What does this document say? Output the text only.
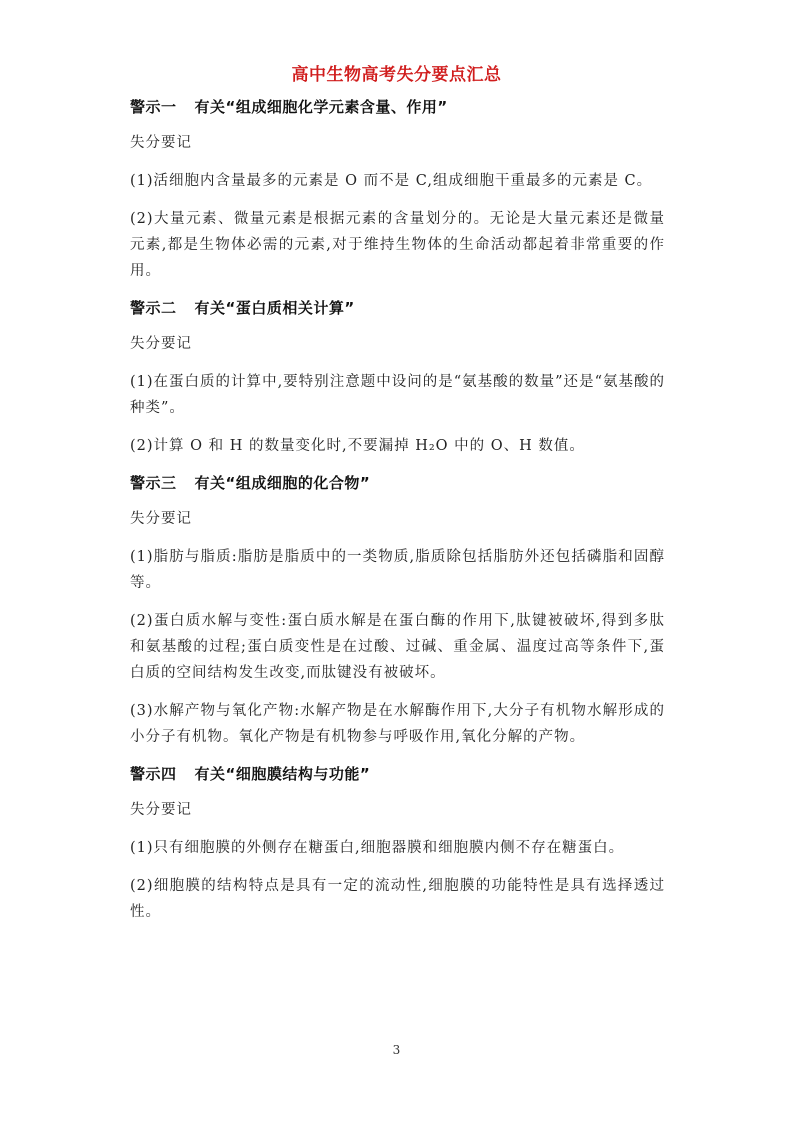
高中生物高考失分要点汇总

警示一 有关“组成细胞化学元素含量、作用”

失分要记

(1)活细胞内含量最多的元素是 O 而不是 C,组成细胞干重最多的元素是 C。

(2)大量元素、微量元素是根据元素的含量划分的。无论是大量元素还是微量元素,都是生物体必需的元素,对于维持生物体的生命活动都起着非常重要的作用。

警示二 有关“蛋白质相关计算”

失分要记

(1)在蛋白质的计算中,要特别注意题中设问的是“氨基酸的数量”还是“氨基酸的种类”。

(2)计算 O 和 H 的数量变化时,不要漏掉 H₂O 中的 O、H 数值。

警示三 有关“组成细胞的化合物”

失分要记

(1)脂肪与脂质:脂肪是脂质中的一类物质,脂质除包括脂肪外还包括磷脂和固醇等。

(2)蛋白质水解与变性:蛋白质水解是在蛋白酶的作用下,肽键被破坏,得到多肽和氨基酸的过程;蛋白质变性是在过酸、过碱、重金属、温度过高等条件下,蛋白质的空间结构发生改变,而肽键没有被破坏。

(3)水解产物与氧化产物:水解产物是在水解酶作用下,大分子有机物水解形成的小分子有机物。氧化产物是有机物参与呼吸作用,氧化分解的产物。

警示四 有关“细胞膜结构与功能”

失分要记

(1)只有细胞膜的外侧存在糖蛋白,细胞器膜和细胞膜内侧不存在糖蛋白。

(2)细胞膜的结构特点是具有一定的流动性,细胞膜的功能特性是具有选择透过性。

3
